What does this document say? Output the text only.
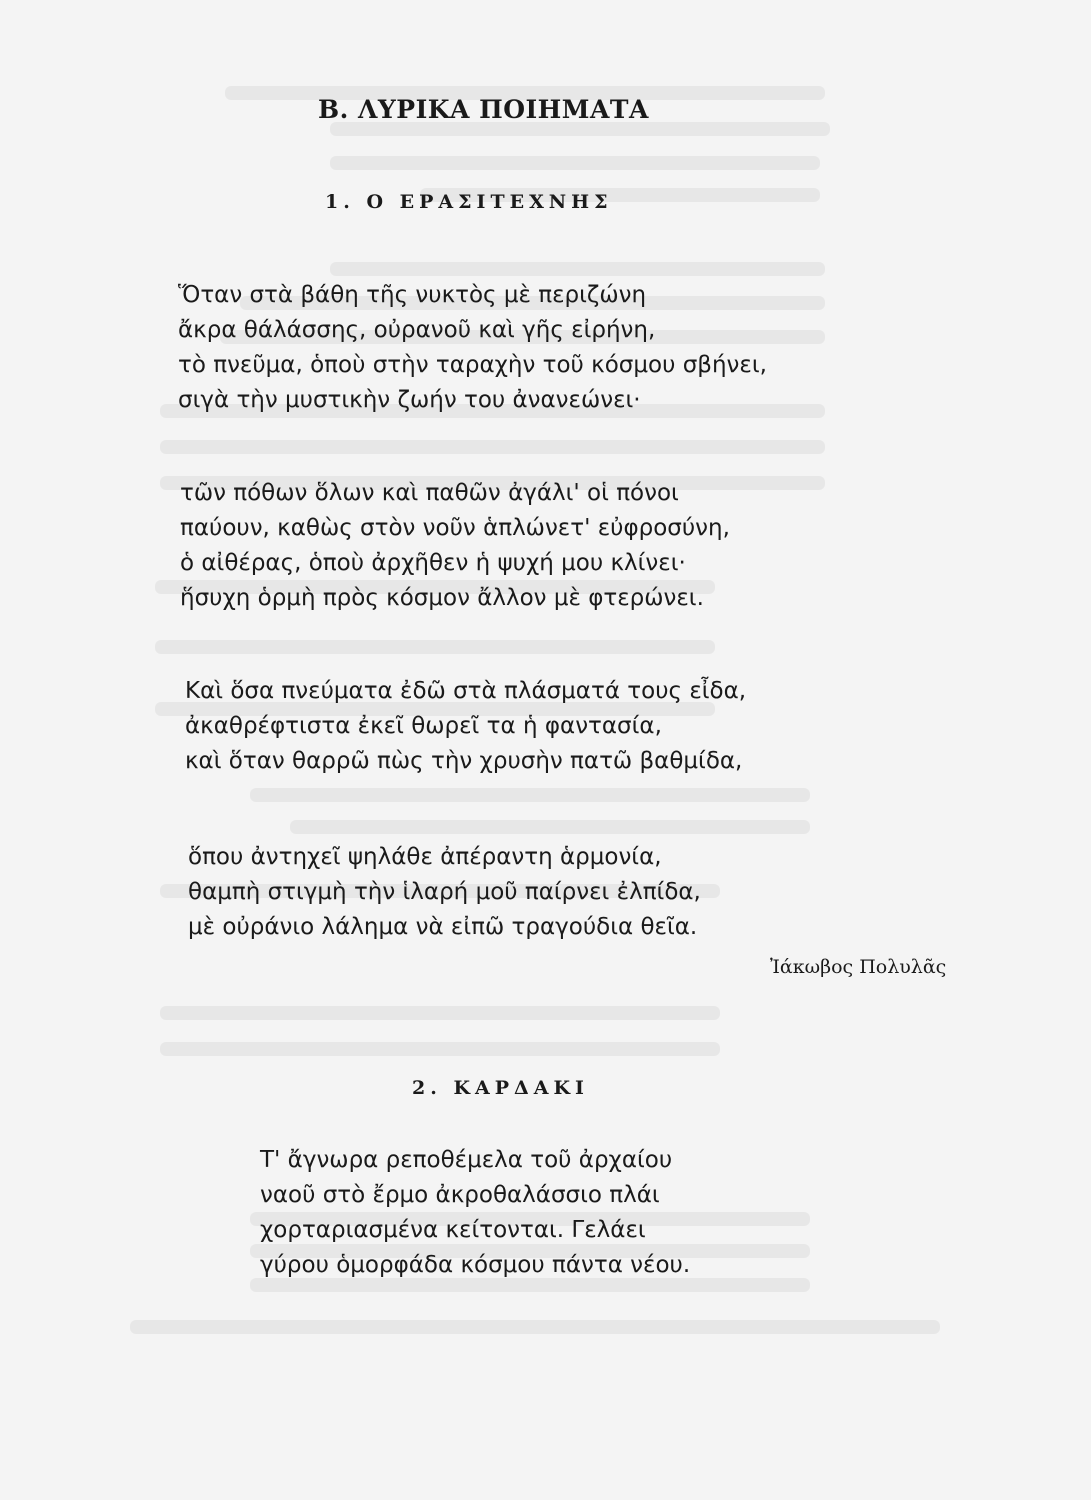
Β. ΛΥΡΙΚΑ ΠΟΙΗΜΑΤΑ
1. Ο ΕΡΑΣΙΤΕΧΝΗΣ
Ὅταν στὰ βάθη τῆς νυκτὸς μὲ περιζώνη
ἄκρα θάλάσσης, οὐρανοῦ καὶ γῆς εἰρήνη,
τὸ πνεῦμα, ὁποὺ στὴν ταραχὴν τοῦ κόσμου σβήνει,
σιγὰ τὴν μυστικὴν ζωήν του ἀνανεώνει·
τῶν πόθων ὅλων καὶ παθῶν ἀγάλι' οἱ πόνοι
παύουν, καθὼς στὸν νοῦν ἁπλώνετ' εὐφροσύνη,
ὁ αἰθέρας, ὁποὺ ἀρχῆθεν ἡ ψυχή μου κλίνει·
ἥσυχη ὁρμὴ πρὸς κόσμον ἄλλον μὲ φτερώνει.
Καὶ ὅσα πνεύματα ἐδῶ στὰ πλάσματά τους εἶδα,
ἀκαθρέφτιστα ἐκεῖ θωρεῖ τα ἡ φαντασία,
καὶ ὅταν θαρρῶ πὼς τὴν χρυσὴν πατῶ βαθμίδα,
ὅπου ἀντηχεῖ ψηλάθε ἀπέραντη ἁρμονία,
θαμπὴ στιγμὴ τὴν ἱλαρή μοῦ παίρνει ἐλπίδα,
μὲ οὐράνιο λάλημα νὰ εἰπῶ τραγούδια θεῖα.
Ἰάκωβος Πολυλᾶς
2. ΚΑΡΔΑΚΙ
Τ' ἄγνωρα ρεποθέμελα τοῦ ἀρχαίου
ναοῦ στὸ ἔρμο ἀκροθαλάσσιο πλάι
χορταριασμένα κείτονται. Γελάει
γύρου ὁμορφάδα κόσμου πάντα νέου.
